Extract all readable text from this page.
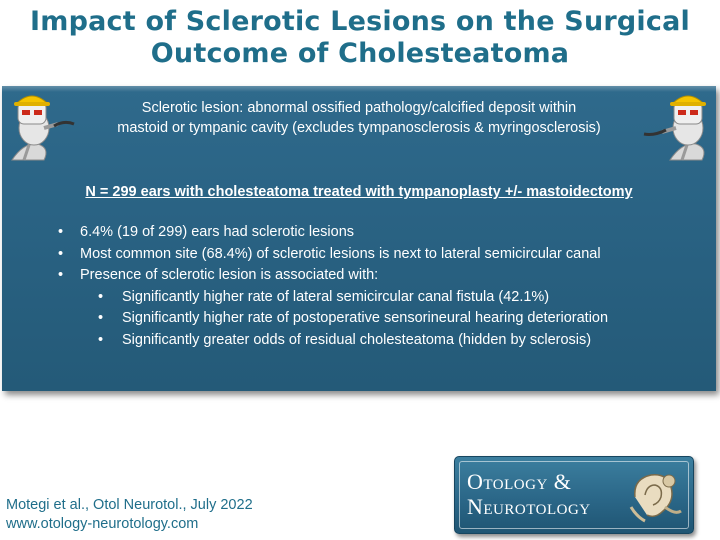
Impact of Sclerotic Lesions on the Surgical
Outcome of Cholesteatoma
Sclerotic lesion: abnormal ossified pathology/calcified deposit within
mastoid or tympanic cavity (excludes tympanosclerosis & myringosclerosis)
N = 299 ears with cholesteatoma treated with tympanoplasty +/- mastoidectomy
• 6.4% (19 of 299) ears had sclerotic lesions
• Most common site (68.4%) of sclerotic lesions is next to lateral semicircular canal
• Presence of sclerotic lesion is associated with:
• Significantly higher rate of lateral semicircular canal fistula (42.1%)
• Significantly higher rate of postoperative sensorineural hearing deterioration
• Significantly greater odds of residual cholesteatoma (hidden by sclerosis)
Motegi et al., Otol Neurotol., July 2022
www.otology-neurotology.com
Otology &
Neurotology
